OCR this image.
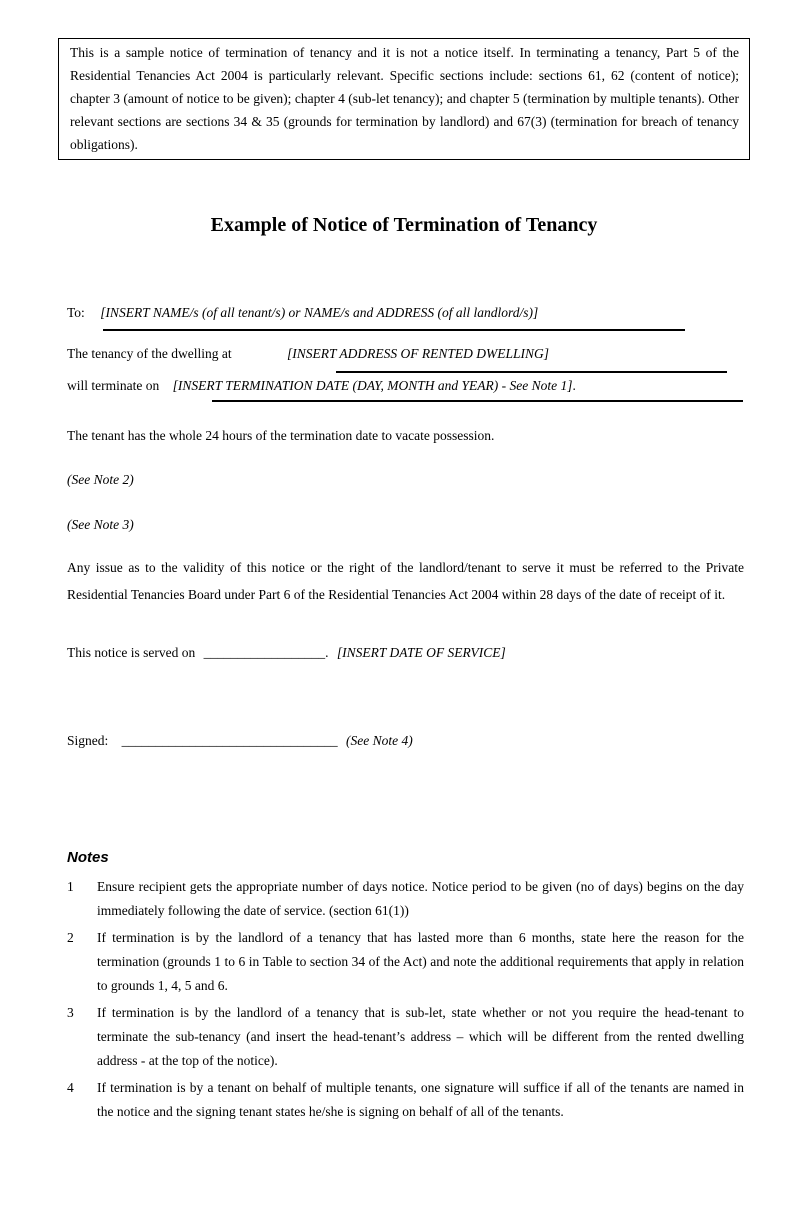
This is a sample notice of termination of tenancy and it is not a notice itself. In terminating a tenancy, Part 5 of the Residential Tenancies Act 2004 is particularly relevant. Specific sections include: sections 61, 62 (content of notice); chapter 3 (amount of notice to be given); chapter 4 (sub-let tenancy); and chapter 5 (termination by multiple tenants). Other relevant sections are sections 34 & 35 (grounds for termination by landlord) and 67(3) (termination for breach of tenancy obligations).
Example of Notice of Termination of Tenancy
To: [INSERT NAME/s (of all tenant/s) or NAME/s and ADDRESS (of all landlord/s)]
The tenancy of the dwelling at	[INSERT ADDRESS OF RENTED DWELLING]
will terminate on [INSERT TERMINATION DATE (DAY, MONTH and YEAR) - See Note 1].
The tenant has the whole 24 hours of the termination date to vacate possession.
(See Note 2)
(See Note 3)
Any issue as to the validity of this notice or the right of the landlord/tenant to serve it must be referred to the Private Residential Tenancies Board under Part 6 of the Residential Tenancies Act 2004 within 28 days of the date of receipt of it.
This notice is served on __________________. [INSERT DATE OF SERVICE]
Signed: ________________________________ (See Note 4)
Notes
1	Ensure recipient gets the appropriate number of days notice. Notice period to be given (no of days) begins on the day immediately following the date of service. (section 61(1))
2	If termination is by the landlord of a tenancy that has lasted more than 6 months, state here the reason for the termination (grounds 1 to 6 in Table to section 34 of the Act) and note the additional requirements that apply in relation to grounds 1, 4, 5 and 6.
3	If termination is by the landlord of a tenancy that is sub-let, state whether or not you require the head-tenant to terminate the sub-tenancy (and insert the head-tenant’s address – which will be different from the rented dwelling address - at the top of the notice).
4	If termination is by a tenant on behalf of multiple tenants, one signature will suffice if all of the tenants are named in the notice and the signing tenant states he/she is signing on behalf of all of the tenants.
